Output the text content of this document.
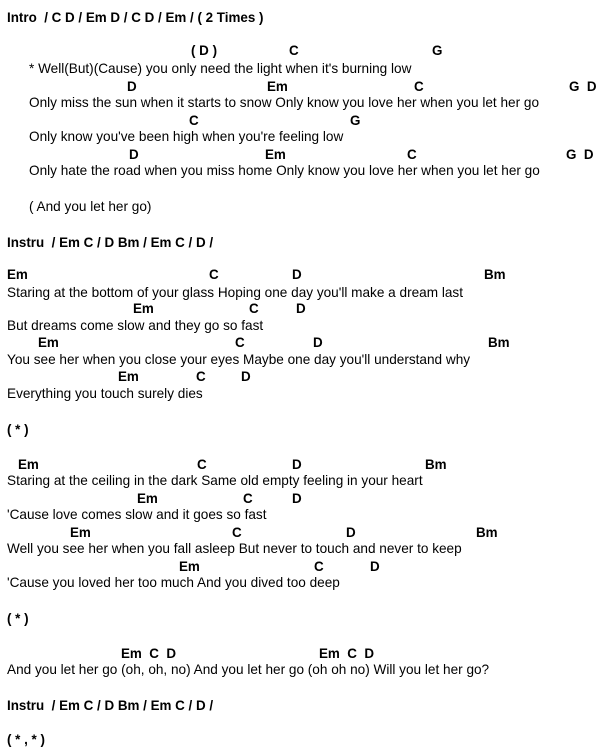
Intro  / C D / Em D / C D / Em / ( 2 Times )
( D )	C	G
* Well(But)(Cause) you only need the light when it's burning low
D	Em	C	G  D
Only miss the sun when it starts to snow Only know you love her when you let her go
C	G
Only know you've been high when you're feeling low
D	Em	C	G  D
Only hate the road when you miss home Only know you love her when you let her go
( And you let her go)
Instru  / Em C / D Bm / Em C / D /
Em	C	D	Bm
Staring at the bottom of your glass Hoping one day you'll make a dream last
Em	C	D
But dreams come slow and they go so fast
Em	C	D	Bm
You see her when you close your eyes Maybe one day you'll understand why
Em	C	D
Everything you touch surely dies
( * )
Em	C	D	Bm
Staring at the ceiling in the dark Same old empty feeling in your heart
Em	C	D
'Cause love comes slow and it goes so fast
Em	C	D	Bm
Well you see her when you fall asleep But never to touch and never to keep
Em	C	D
'Cause you loved her too much And you dived too deep
( * )
Em  C  D	Em  C  D
And you let her go (oh, oh, no) And you let her go (oh oh no) Will you let her go?
Instru  / Em C / D Bm / Em C / D /
( * , * )
